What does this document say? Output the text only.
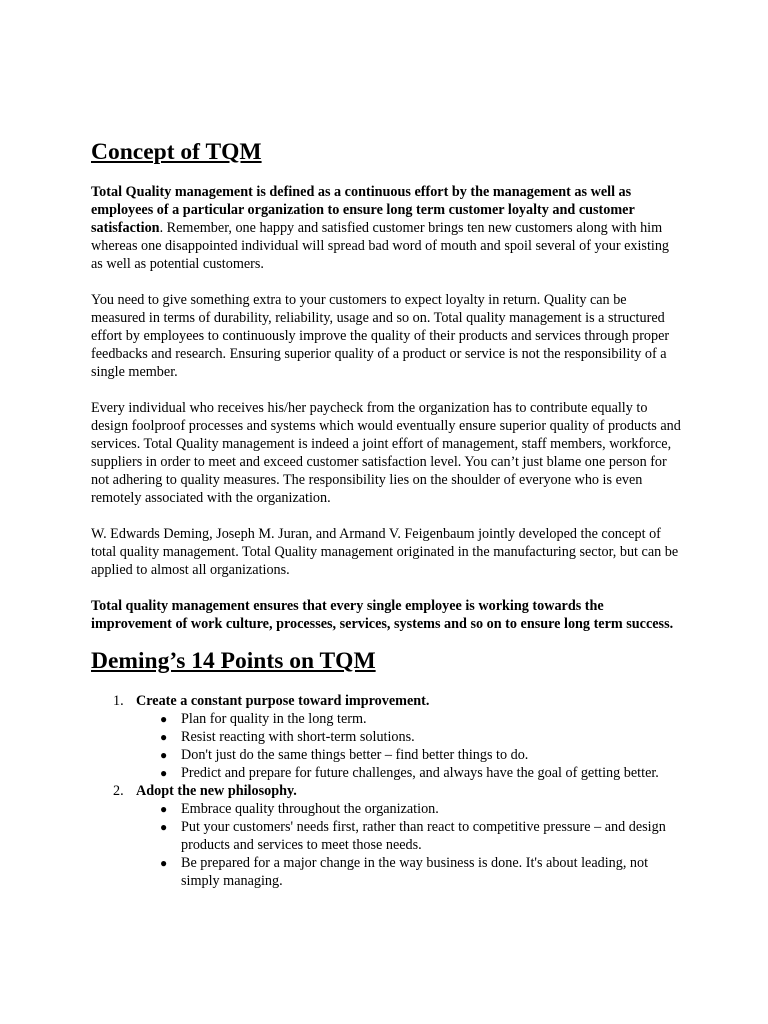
Concept of TQM

Total Quality management is defined as a continuous effort by the management as well as employees of a particular organization to ensure long term customer loyalty and customer satisfaction. Remember, one happy and satisfied customer brings ten new customers along with him whereas one disappointed individual will spread bad word of mouth and spoil several of your existing as well as potential customers.

You need to give something extra to your customers to expect loyalty in return. Quality can be measured in terms of durability, reliability, usage and so on. Total quality management is a structured effort by employees to continuously improve the quality of their products and services through proper feedbacks and research. Ensuring superior quality of a product or service is not the responsibility of a single member.

Every individual who receives his/her paycheck from the organization has to contribute equally to design foolproof processes and systems which would eventually ensure superior quality of products and services. Total Quality management is indeed a joint effort of management, staff members, workforce, suppliers in order to meet and exceed customer satisfaction level. You can’t just blame one person for not adhering to quality measures. The responsibility lies on the shoulder of everyone who is even remotely associated with the organization.

W. Edwards Deming, Joseph M. Juran, and Armand V. Feigenbaum jointly developed the concept of total quality management. Total Quality management originated in the manufacturing sector, but can be applied to almost all organizations.

Total quality management ensures that every single employee is working towards the improvement of work culture, processes, services, systems and so on to ensure long term success.

Deming’s 14 Points on TQM
1. Create a constant purpose toward improvement.
● Plan for quality in the long term.
● Resist reacting with short-term solutions.
● Don't just do the same things better – find better things to do.
● Predict and prepare for future challenges, and always have the goal of getting better.
2. Adopt the new philosophy.
● Embrace quality throughout the organization.
● Put your customers' needs first, rather than react to competitive pressure – and design products and services to meet those needs.
● Be prepared for a major change in the way business is done. It's about leading, not simply managing.
